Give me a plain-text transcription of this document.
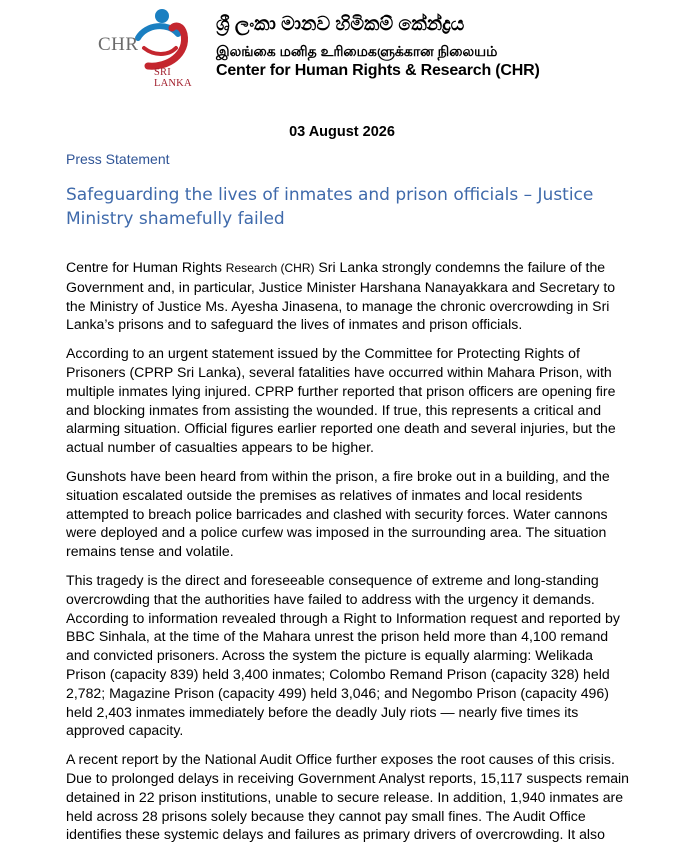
CHR
SRI LANKA
ශ්‍රී ලංකා මානව හිමිකම් කේන්ද්‍රය
இலங்கை மனித உரிமைகளுக்கான நிலையம்
Center for Human Rights & Research (CHR)
03 August 2026
Press Statement
Safeguarding the lives of inmates and prison officials – Justice Ministry shamefully failed

Centre for Human Rights Research (CHR) Sri Lanka strongly condemns the failure of the Government and, in particular, Justice Minister Harshana Nanayakkara and Secretary to the Ministry of Justice Ms. Ayesha Jinasena, to manage the chronic overcrowding in Sri Lanka’s prisons and to safeguard the lives of inmates and prison officials.

According to an urgent statement issued by the Committee for Protecting Rights of Prisoners (CPRP Sri Lanka), several fatalities have occurred within Mahara Prison, with multiple inmates lying injured. CPRP further reported that prison officers are opening fire and blocking inmates from assisting the wounded. If true, this represents a critical and alarming situation. Official figures earlier reported one death and several injuries, but the actual number of casualties appears to be higher.

Gunshots have been heard from within the prison, a fire broke out in a building, and the situation escalated outside the premises as relatives of inmates and local residents attempted to breach police barricades and clashed with security forces. Water cannons were deployed and a police curfew was imposed in the surrounding area. The situation remains tense and volatile.

This tragedy is the direct and foreseeable consequence of extreme and long-standing overcrowding that the authorities have failed to address with the urgency it demands. According to information revealed through a Right to Information request and reported by BBC Sinhala, at the time of the Mahara unrest the prison held more than 4,100 remand and convicted prisoners. Across the system the picture is equally alarming: Welikada Prison (capacity 839) held 3,400 inmates; Colombo Remand Prison (capacity 328) held 2,782; Magazine Prison (capacity 499) held 3,046; and Negombo Prison (capacity 496) held 2,403 inmates immediately before the deadly July riots — nearly five times its approved capacity.

A recent report by the National Audit Office further exposes the root causes of this crisis. Due to prolonged delays in receiving Government Analyst reports, 15,117 suspects remain detained in 22 prison institutions, unable to secure release. In addition, 1,940 inmates are held across 28 prisons solely because they cannot pay small fines. The Audit Office identifies these systemic delays and failures as primary drivers of overcrowding. It also
